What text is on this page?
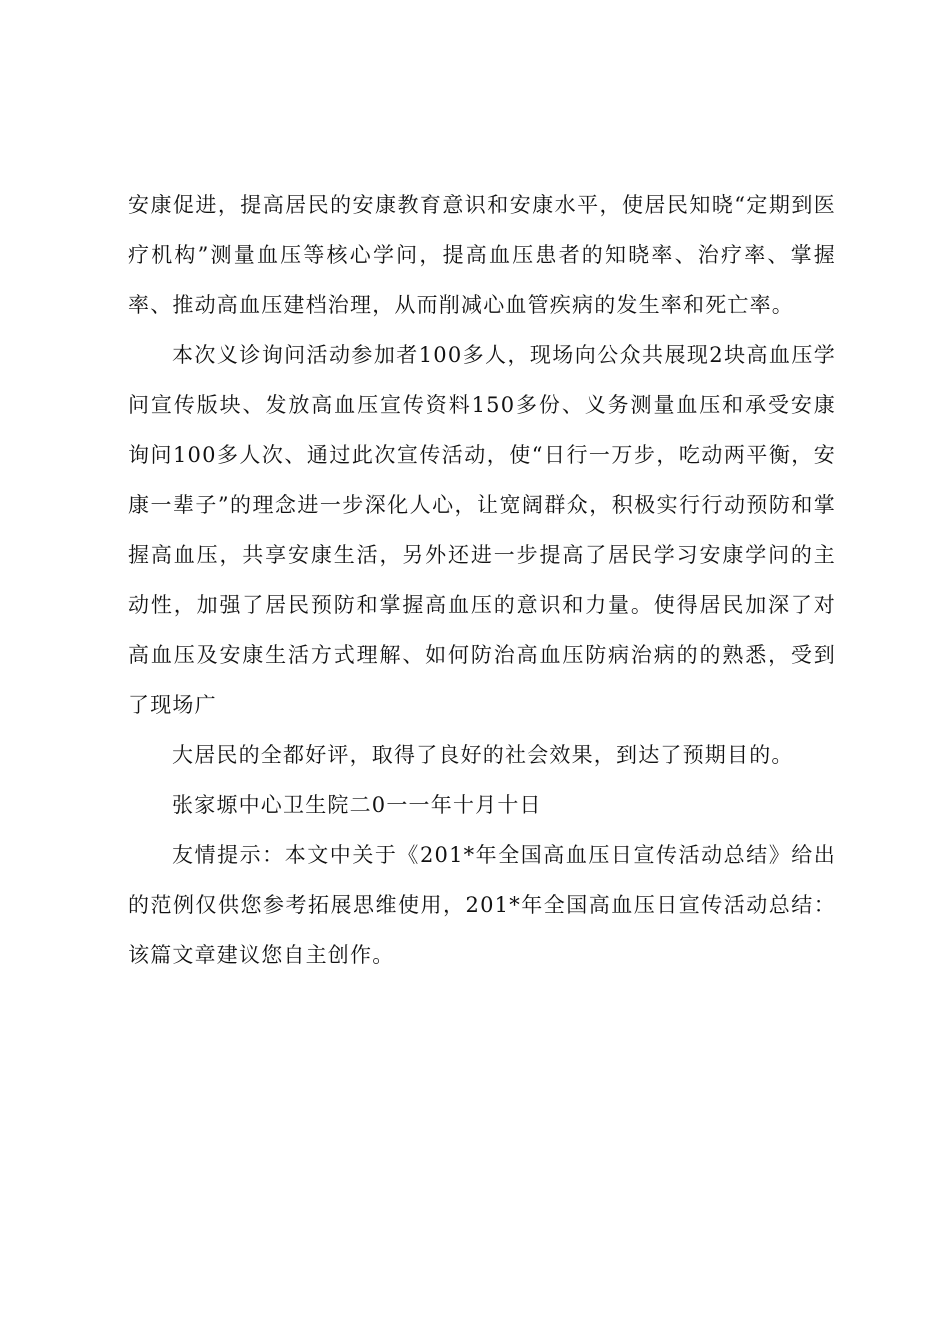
安康促进，提高居民的安康教育意识和安康水平，使居民知晓“定期到医疗机构”测量血压等核心学问，提高血压患者的知晓率、治疗率、掌握率、推动高血压建档治理，从而削减心血管疾病的发生率和死亡率。

本次义诊询问活动参加者100多人，现场向公众共展现2块高血压学问宣传版块、发放高血压宣传资料150多份、义务测量血压和承受安康询问100多人次、通过此次宣传活动，使“日行一万步，吃动两平衡，安康一辈子”的理念进一步深化人心，让宽阔群众，积极实行行动预防和掌握高血压，共享安康生活，另外还进一步提高了居民学习安康学问的主动性，加强了居民预防和掌握高血压的意识和力量。使得居民加深了对高血压及安康生活方式理解、如何防治高血压防病治病的的熟悉，受到了现场广

大居民的全都好评，取得了良好的社会效果，到达了预期目的。

张家塬中心卫生院二0一一年十月十日

友情提示：本文中关于《201*年全国高血压日宣传活动总结》给出的范例仅供您参考拓展思维使用，201*年全国高血压日宣传活动总结：该篇文章建议您自主创作。
